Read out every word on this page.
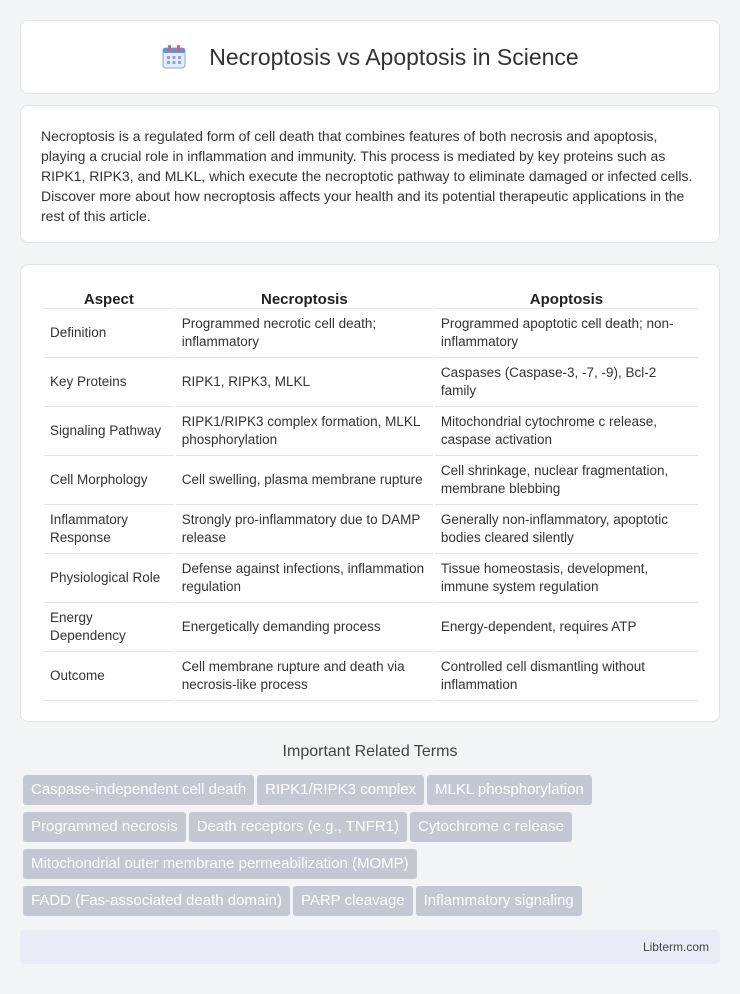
Necroptosis vs Apoptosis in Science

Necroptosis is a regulated form of cell death that combines features of both necrosis and apoptosis, playing a crucial role in inflammation and immunity. This process is mediated by key proteins such as RIPK1, RIPK3, and MLKL, which execute the necroptotic pathway to eliminate damaged or infected cells. Discover more about how necroptosis affects your health and its potential therapeutic applications in the rest of this article.

Aspect	Necroptosis	Apoptosis
Definition	Programmed necrotic cell death; inflammatory	Programmed apoptotic cell death; non-inflammatory
Key Proteins	RIPK1, RIPK3, MLKL	Caspases (Caspase-3, -7, -9), Bcl-2 family
Signaling Pathway	RIPK1/RIPK3 complex formation, MLKL phosphorylation	Mitochondrial cytochrome c release, caspase activation
Cell Morphology	Cell swelling, plasma membrane rupture	Cell shrinkage, nuclear fragmentation, membrane blebbing
Inflammatory Response	Strongly pro-inflammatory due to DAMP release	Generally non-inflammatory, apoptotic bodies cleared silently
Physiological Role	Defense against infections, inflammation regulation	Tissue homeostasis, development, immune system regulation
Energy Dependency	Energetically demanding process	Energy-dependent, requires ATP
Outcome	Cell membrane rupture and death via necrosis-like process	Controlled cell dismantling without inflammation
Important Related Terms
Caspase-independent cell death RIPK1/RIPK3 complex MLKL phosphorylation
Programmed necrosis Death receptors (e.g., TNFR1) Cytochrome c release
Mitochondrial outer membrane permeabilization (MOMP)
FADD (Fas-associated death domain) PARP cleavage Inflammatory signaling
Libterm.com
